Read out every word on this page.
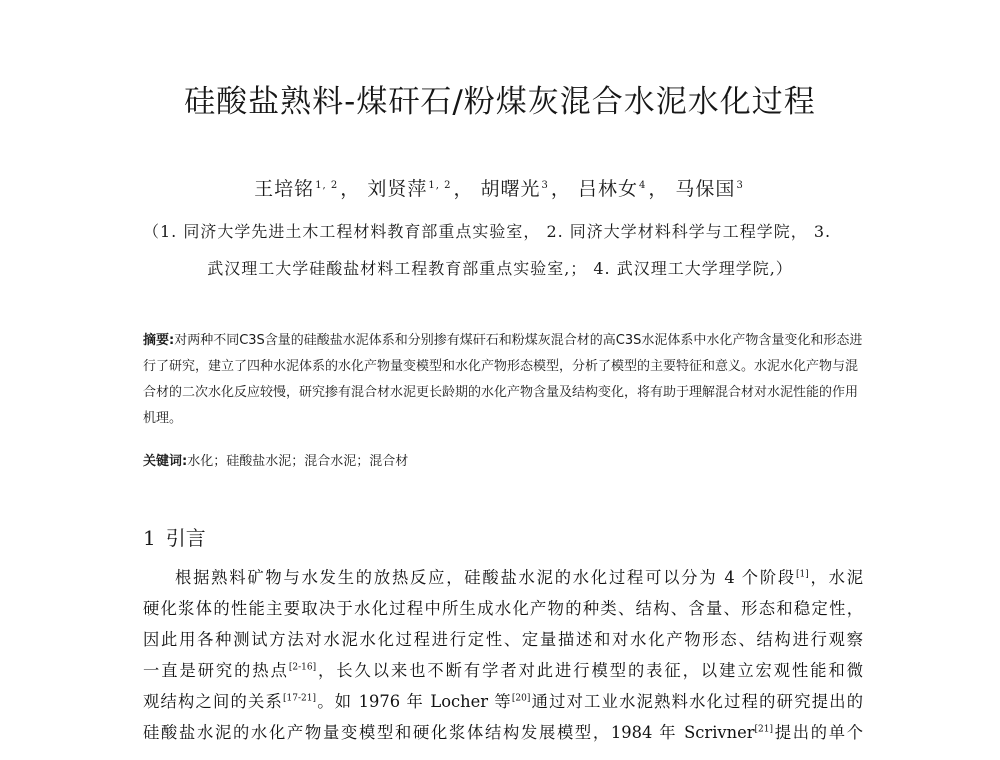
硅酸盐熟料-煤矸石/粉煤灰混合水泥水化过程
王培铭$^{1, 2}$ ， 刘贤萍$^{1, 2}$ ， 胡曙光$^3$ ， 吕林女$^4$ ， 马保国$^3$
（1. 同济大学先进土木工程材料教育部重点实验室， 2. 同济大学材料科学与工程学院， 3.
武汉理工大学硅酸盐材料工程教育部重点实验室,； 4. 武汉理工大学理学院,）
摘要:对两种不同C3S含量的硅酸盐水泥体系和分别掺有煤矸石和粉煤灰混合材的高C3S水泥体系中水化产物含量变化和形态进行了研究，建立了四种水泥体系的水化产物量变模型和水化产物形态模型，分析了模型的主要特征和意义。水泥水化产物与混合材的二次水化反应较慢，研究掺有混合材水泥更长龄期的水化产物含量及结构变化，将有助于理解混合材对水泥性能的作用机理。
关键词:水化；硅酸盐水泥；混合水泥；混合材
1 引言
根据熟料矿物与水发生的放热反应，硅酸盐水泥的水化过程可以分为 4 个阶段[1]，水泥
硬化浆体的性能主要取决于水化过程中所生成水化产物的种类、结构、含量、形态和稳定性，
因此用各种测试方法对水泥水化过程进行定性、定量描述和对水化产物形态、结构进行观察
一直是研究的热点[2-16]，长久以来也不断有学者对此进行模型的表征，以建立宏观性能和微
观结构之间的关系[17-21]。如 1976 年 Locher 等[20]通过对工业水泥熟料水化过程的研究提出的
硅酸盐水泥的水化产物量变模型和硬化浆体结构发展模型，1984 年 Scrivner[21]提出的单个
